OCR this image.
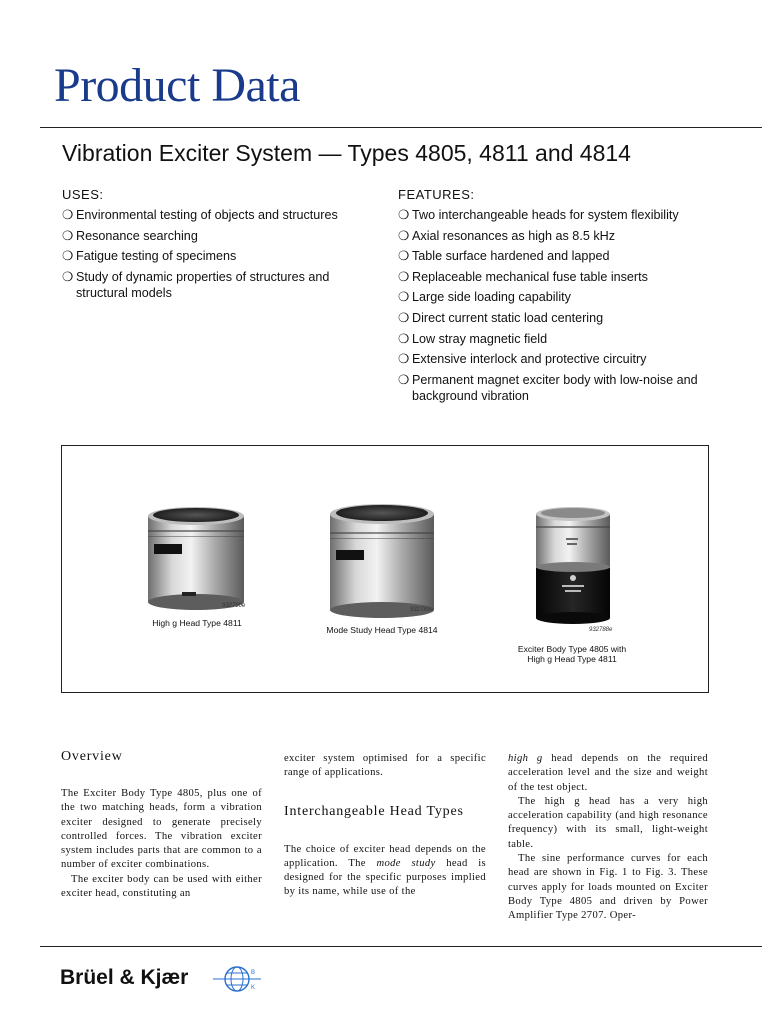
Product Data
Vibration Exciter System — Types 4805, 4811 and 4814
USES:
❍ Environmental testing of objects and structures
❍ Resonance searching
❍ Fatigue testing of specimens
❍ Study of dynamic properties of structures and structural models
FEATURES:
❍ Two interchangeable heads for system flexibility
❍ Axial resonances as high as 8.5 kHz
❍ Table surface hardened and lapped
❍ Replaceable mechanical fuse table inserts
❍ Large side loading capability
❍ Direct current static load centering
❍ Low stray magnetic field
❍ Extensive interlock and protective circuitry
❍ Permanent magnet exciter body with low-noise and background vibration
932790e
High g Head Type 4811
932789e
Mode Study Head Type 4814	932788e
Exciter Body Type 4805 with
High g Head Type 4811
Overview

The Exciter Body Type 4805, plus one of the two matching heads, form a vibration exciter designed to generate precisely controlled forces. The vibration exciter system includes parts that are common to a number of exciter combinations.

The exciter body can be used with either exciter head, constituting an

exciter system optimised for a specific range of applications.

Interchangeable Head Types

The choice of exciter head depends on the application. The mode study head is designed for the specific purposes implied by its name, while use of the

high g head depends on the required acceleration level and the size and weight of the test object.

The high g head has a very high acceleration capability (and high resonance frequency) with its small, light-weight table.

The sine performance curves for each head are shown in Fig. 1 to Fig. 3. These curves apply for loads mounted on Exciter Body Type 4805 and driven by Power Amplifier Type 2707. Oper-

Brüel & Kjær	B
K
